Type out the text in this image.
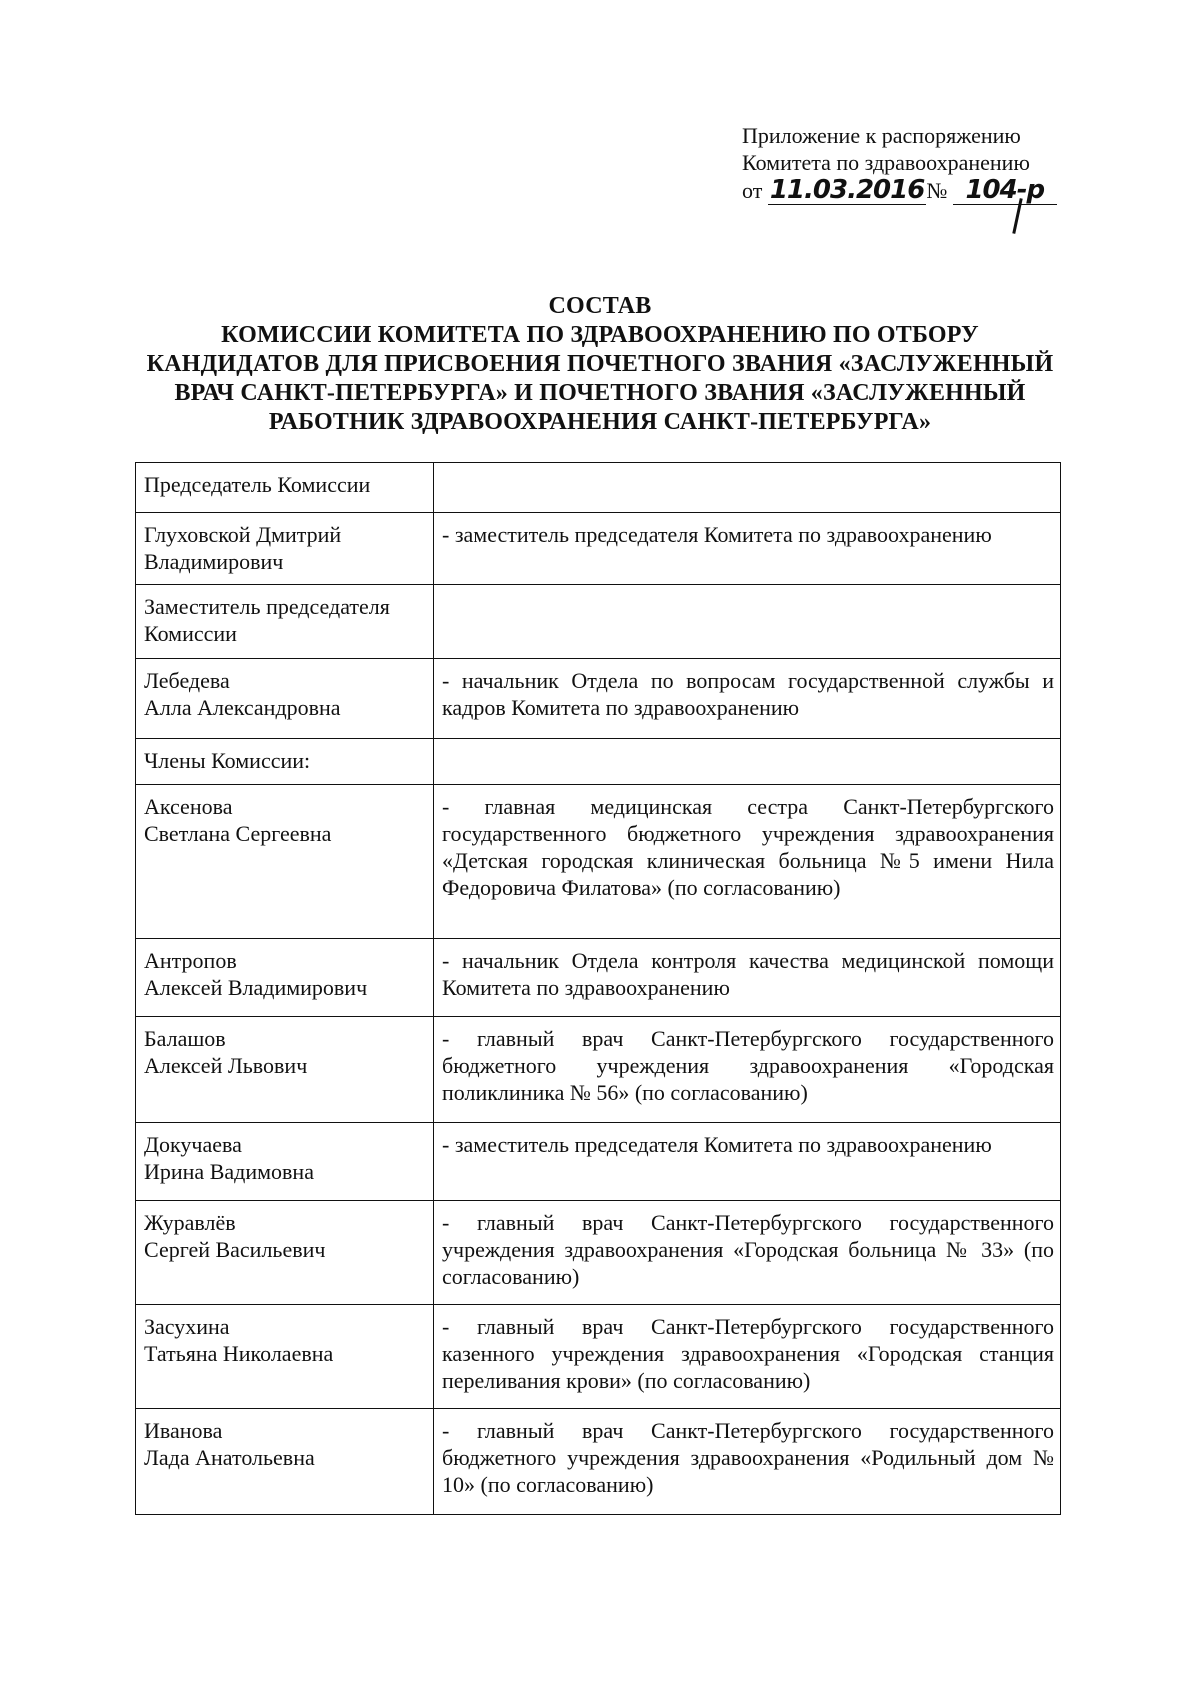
Приложение к распоряжению
Комитета по здравоохранению
от 11.03.2016№ 104-р
СОСТАВ
КОМИССИИ КОМИТЕТА ПО ЗДРАВООХРАНЕНИЮ ПО ОТБОРУ
КАНДИДАТОВ ДЛЯ ПРИСВОЕНИЯ ПОЧЕТНОГО ЗВАНИЯ «ЗАСЛУЖЕННЫЙ
ВРАЧ САНКТ-ПЕТЕРБУРГА» И ПОЧЕТНОГО ЗВАНИЯ «ЗАСЛУЖЕННЫЙ
РАБОТНИК ЗДРАВООХРАНЕНИЯ САНКТ-ПЕТЕРБУРГА»
Председатель Комиссии	

Глуховской Дмитрий
Владимирович	- заместитель председателя Комитета по здравоохранению

Заместитель председателя
Комиссии	

Лебедева
Алла Александровна	- начальник Отдела по вопросам государственной службы и кадров Комитета по здравоохранению
Члены Комиссии:	

Аксенова
Светлана Сергеевна	- главная медицинская сестра Санкт-Петербургского государственного бюджетного учреждения здравоохранения «Детская городская клиническая больница №5 имени Нила Федоровича Филатова» (по согласованию)

Антропов
Алексей Владимирович	- начальник Отдела контроля качества медицинской помощи Комитета по здравоохранению

Балашов
Алексей Львович	- главный врач Санкт-Петербургского государственного бюджетного учреждения здравоохранения «Городская поликлиника № 56» (по согласованию)

Докучаева
Ирина Вадимовна	- заместитель председателя Комитета по здравоохранению

Журавлёв
Сергей Васильевич	- главный врач Санкт-Петербургского государственного учреждения здравоохранения «Городская больница № 33» (по согласованию)

Засухина
Татьяна Николаевна	- главный врач Санкт-Петербургского государственного казенного учреждения здравоохранения «Городская станция переливания крови» (по согласованию)

Иванова
Лада Анатольевна	- главный врач Санкт-Петербургского государственного бюджетного учреждения здравоохранения «Родильный дом № 10» (по согласованию)
